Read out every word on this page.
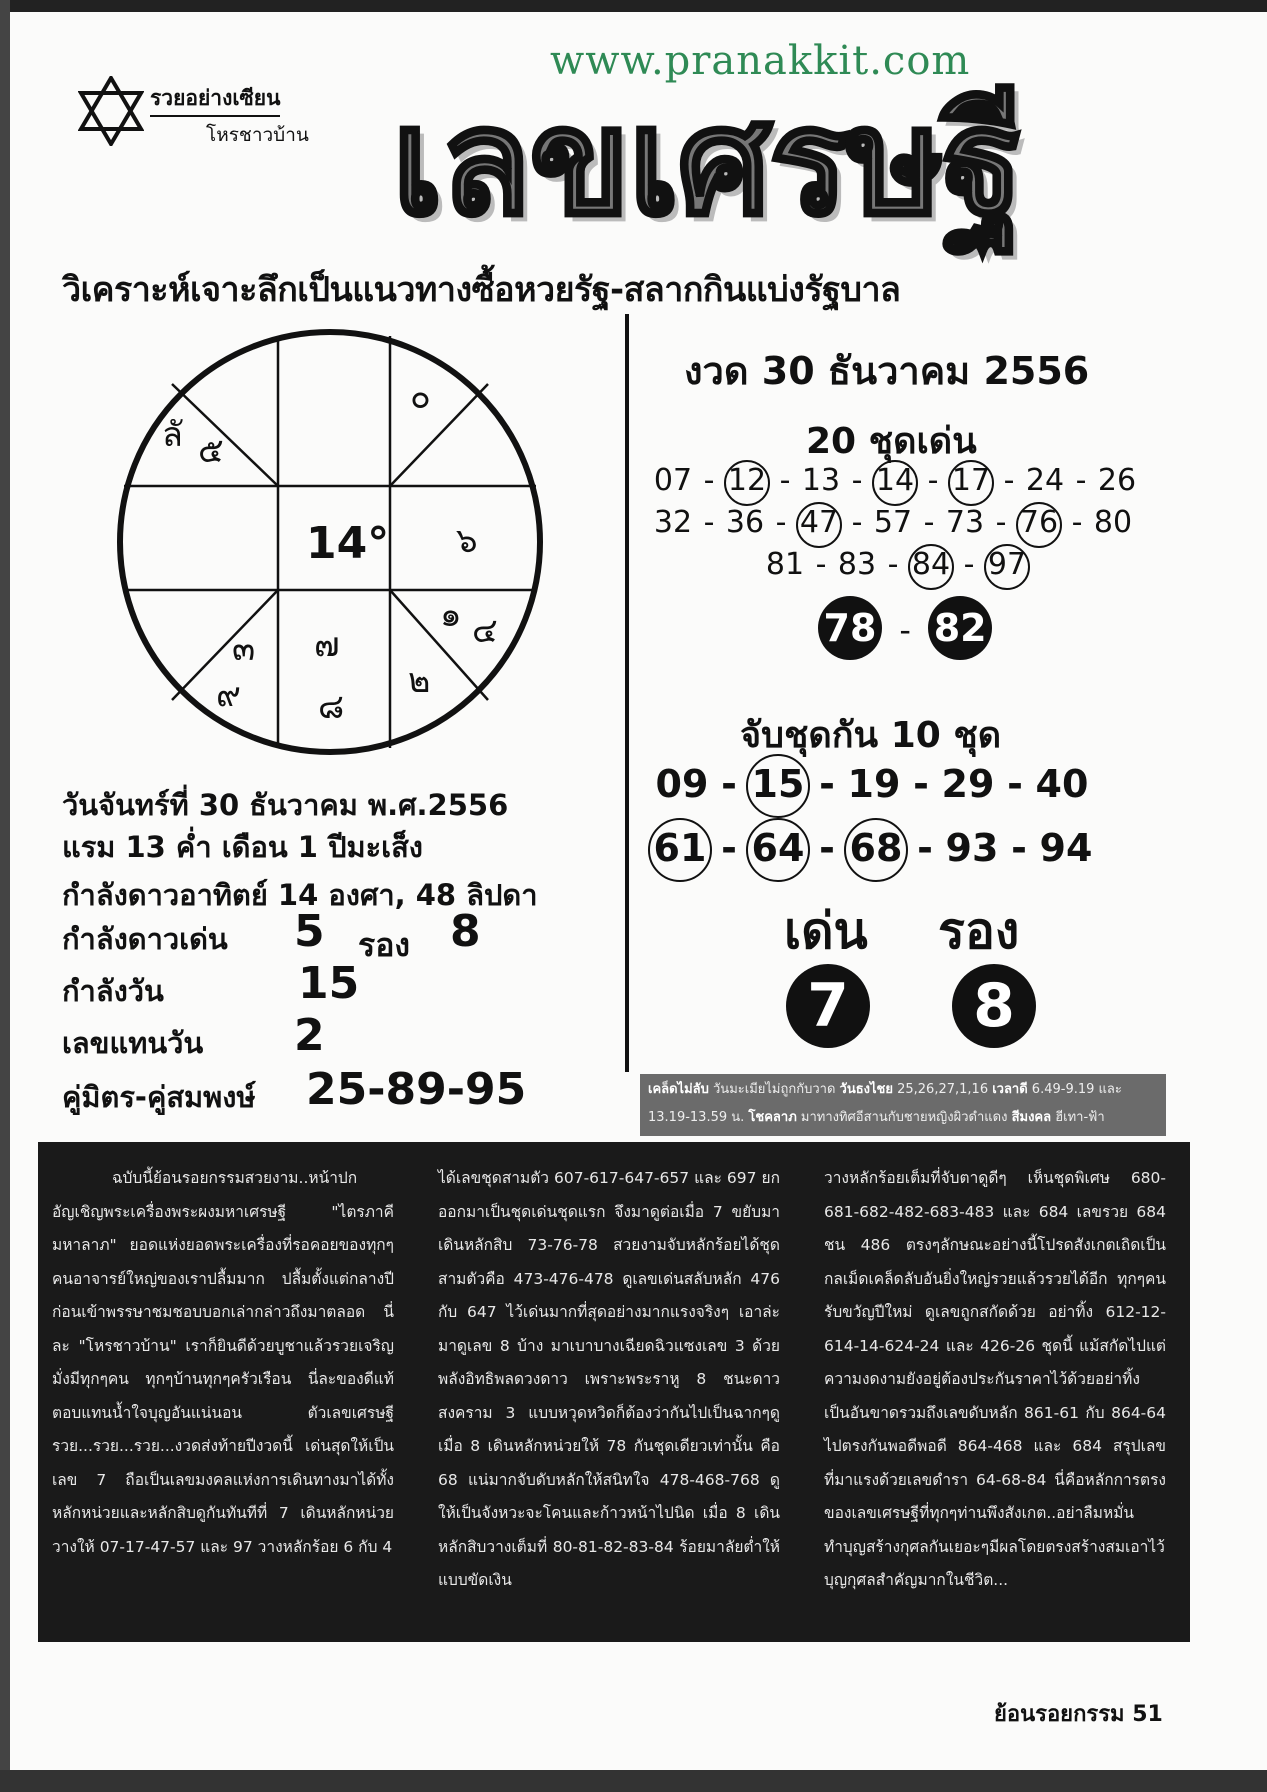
www.pranakkit.com
รวยอย่างเซียน
โหรชาวบ้าน เลขเศรษฐี
วิเคราะห์เจาะลึกเป็นแนวทางซื้อหวยรัฐ-สลากกินแบ่งรัฐบาล
๐
ลั ๕
๖
14°
๑ ๔
๒
๓
๙
๗
๘
วันจันทร์ที่ 30 ธันวาคม พ.ศ.2556
แรม 13 ค่ำ เดือน 1 ปีมะเส็ง
กำลังดาวอาทิตย์ 14 องศา, 48 ลิปดา
กำลังดาวเด่น 5 รอง 8
กำลังวัน	15
เลขแทนวัน 2
คู่มิตร-คู่สมพงษ์ 25-89-95
งวด 30 ธันวาคม 2556
20 ชุดเด่น
07 - 12 - 13 - 14 - 17 - 24 - 26
32 - 36 - 47 - 57 - 73 - 76 - 80
81 - 83 - 84 - 97
78 - 82
จับชุดกัน 10 ชุด
09 - 15 - 19 - 29 - 40
61 - 64 - 68 - 93 - 94
เด่น รอง
7	8
เคล็ดไม่ลับ วันมะเมียไม่ถูกกับวาด วันธงไชย 25,26,27,1,16 เวลาดี 6.49-9.19 และ 13.19-13.59 น. โชคลาภ มาทางทิศอีสานกับชายหญิงผิวดำแดง สีมงคล ฮีเทา-ฟ้า
ฉบับนี้ย้อนรอยกรรมสวยงาม..หน้าปกอัญเชิญพระเครื่องพระผงมหาเศรษฐี "ไตรภาคีมหาลาภ" ยอดแห่งยอดพระเครื่องที่รอคอยของทุกๆคนอาจารย์ใหญ่ของเราปลื้มมาก ปลื้มตั้งแต่กลางปีก่อนเข้าพรรษาชมชอบบอกเล่ากล่าวถึงมาตลอด นี่ละ "โหรชาวบ้าน" เราก็ยินดีด้วยบูชาแล้วรวยเจริญมั่งมีทุกๆคน ทุกๆบ้านทุกๆครัวเรือน นี่ละของดีแท้ตอบแทนน้ำใจบุญอันแน่นอน ตัวเลขเศรษฐี รวย...รวย...รวย...งวดส่งท้ายปีงวดนี้ เด่นสุดให้เป็นเลข 7 ถือเป็นเลขมงคลแห่งการเดินทางมาได้ทั้งหลักหน่วยและหลักสิบดูกันทันทีที่ 7 เดินหลักหน่วยวางให้ 07-17-47-57 และ 97 วางหลักร้อย 6 กับ 4
ได้เลขชุดสามตัว 607-617-647-657 และ 697 ยกออกมาเป็นชุดเด่นชุดแรก จึงมาดูต่อเมื่อ 7 ขยับมาเดินหลักสิบ 73-76-78 สวยงามจับหลักร้อยได้ชุดสามตัวคือ 473-476-478 ดูเลขเด่นสลับหลัก 476 กับ 647 ไว้เด่นมากที่สุดอย่างมากแรงจริงๆ เอาล่ะมาดูเลข 8 บ้าง มาเบาบางเฉียดฉิวแซงเลข 3 ด้วยพลังอิทธิพลดวงดาว เพราะพระราหู 8 ชนะดาวสงคราม 3 แบบหวุดหวิดก็ต้องว่ากันไปเป็นฉากๆดูเมื่อ 8 เดินหลักหน่วยให้ 78 กันชุดเดียวเท่านั้น คือ 68 แน่มากจับดับหลักให้สนิทใจ 478-468-768 ดูให้เป็นจังหวะจะโคนและก้าวหน้าไปนิด เมื่อ 8 เดินหลักสิบวางเต็มที่ 80-81-82-83-84 ร้อยมาลัยต่ำให้แบบขัดเงิน
วางหลักร้อยเต็มที่จับตาดูดีๆ เห็นชุดพิเศษ 680-681-682-482-683-483 และ 684 เลขรวย 684 ชน 486 ตรงๆลักษณะอย่างนี้โปรดสังเกตเถิดเป็นกลเม็ดเคล็ดลับอันยิ่งใหญ่รวยแล้วรวยได้อีก ทุกๆคน รับขวัญปีใหม่ ดูเลขถูกสกัดด้วย อย่าทิ้ง 612-12-614-14-624-24 และ 426-26 ชุดนี้ แม้สกัดไปแต่ความงดงามยังอยู่ต้องประกันราคาไว้ด้วยอย่าทิ้ง เป็นอันขาดรวมถึงเลขดับหลัก 861-61 กับ 864-64 ไปตรงกันพอดีพอดี 864-468 และ 684 สรุปเลขที่มาแรงด้วยเลขดำรา 64-68-84 นี่คือหลักการตรงของเลขเศรษฐีที่ทุกๆท่านพึงสังเกต..อย่าลืมหมั่นทำบุญสร้างกุศลกันเยอะๆมีผลโดยตรงสร้างสมเอาไว้บุญกุศลสำคัญมากในชีวิต...
ย้อนรอยกรรม 51
